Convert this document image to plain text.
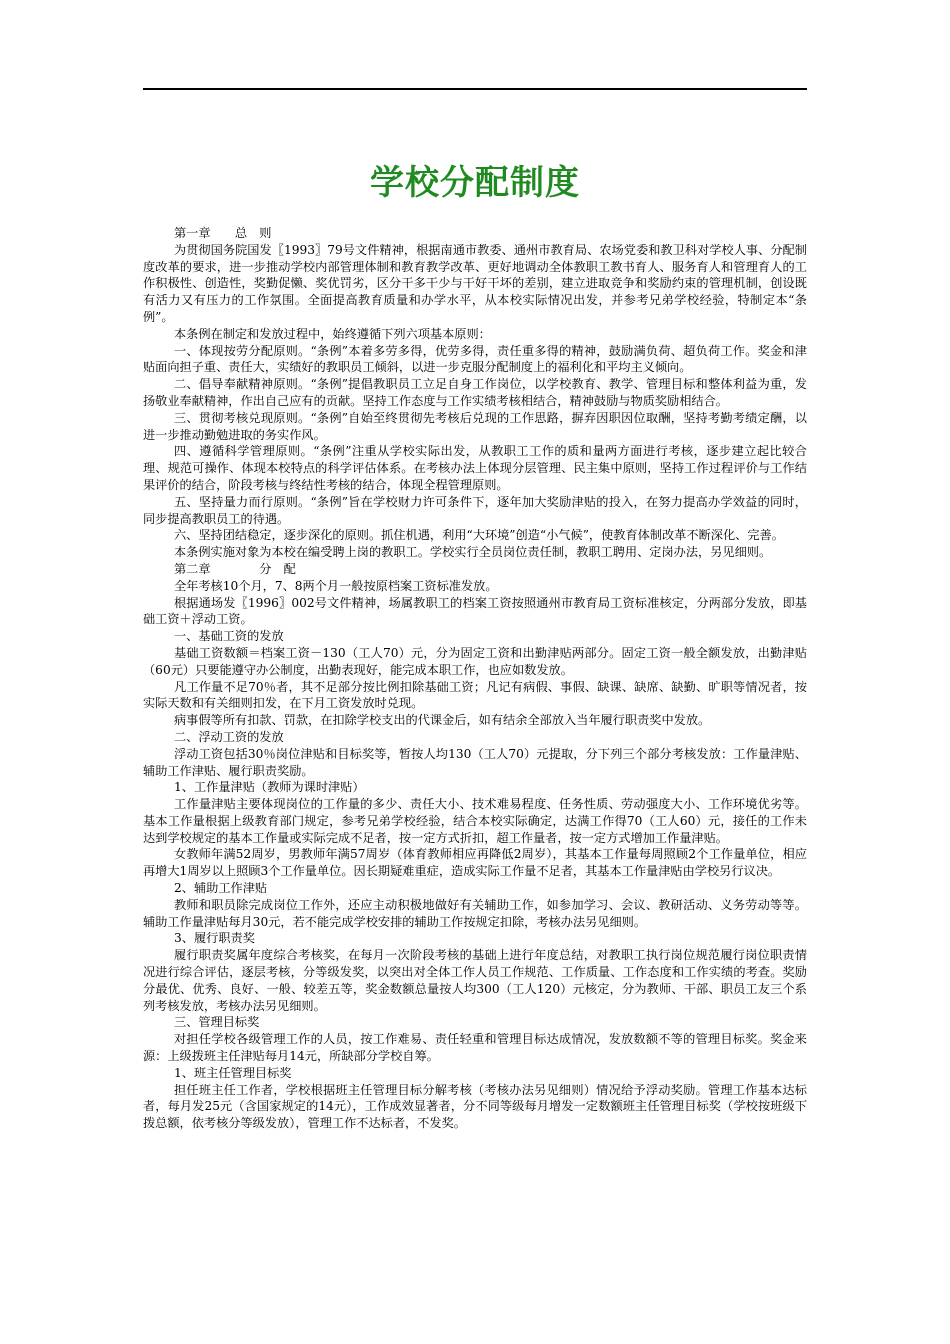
学校分配制度

第一章　　总　则

为贯彻国务院国发〖1993〗79号文件精神，根据南通市教委、通州市教育局、农场党委和教卫科对学校人事、分配制度改革的要求，进一步推动学校内部管理体制和教育教学改革、更好地调动全体教职工教书育人、服务育人和管理育人的工作积极性、创造性，奖勤促懒、奖优罚劣，区分干多干少与干好干坏的差别，建立进取竞争和奖励约束的管理机制，创设既有活力又有压力的工作氛围。全面提高教育质量和办学水平，从本校实际情况出发，并参考兄弟学校经验，特制定本“条例”。

本条例在制定和发放过程中，始终遵循下列六项基本原则：

一、体现按劳分配原则。“条例”本着多劳多得，优劳多得，责任重多得的精神，鼓励满负荷、超负荷工作。奖金和津贴面向担子重、责任大，实绩好的教职员工倾斜，以进一步克服分配制度上的福利化和平均主义倾向。

二、倡导奉献精神原则。“条例”提倡教职员工立足自身工作岗位，以学校教育、教学、管理目标和整体利益为重，发扬敬业奉献精神，作出自己应有的贡献。坚持工作态度与工作实绩考核相结合，精神鼓励与物质奖励相结合。

三、贯彻考核兑现原则。“条例”自始至终贯彻先考核后兑现的工作思路，摒弃因职因位取酬，坚持考勤考绩定酬，以进一步推动勤勉进取的务实作风。

四、遵循科学管理原则。“条例”注重从学校实际出发，从教职工工作的质和量两方面进行考核，逐步建立起比较合理、规范可操作、体现本校特点的科学评估体系。在考核办法上体现分层管理、民主集中原则，坚持工作过程评价与工作结果评价的结合，阶段考核与终结性考核的结合，体现全程管理原则。

五、坚持量力而行原则。“条例”旨在学校财力许可条件下，逐年加大奖励津贴的投入，在努力提高办学效益的同时，同步提高教职员工的待遇。

六、坚持团结稳定，逐步深化的原则。抓住机遇，利用“大环境”创造“小气候”，使教育体制改革不断深化、完善。

本条例实施对象为本校在编受聘上岗的教职工。学校实行全员岗位责任制，教职工聘用、定岗办法，另见细则。

第二章　　　　分　配

全年考核10个月，7、8两个月一般按原档案工资标准发放。

根据通场发〖1996〗002号文件精神，场属教职工的档案工资按照通州市教育局工资标准核定，分两部分发放，即基础工资＋浮动工资。

一、基础工资的发放

基础工资数额＝档案工资－130（工人70）元，分为固定工资和出勤津贴两部分。固定工资一般全额发放，出勤津贴（60元）只要能遵守办公制度，出勤表现好，能完成本职工作，也应如数发放。

凡工作量不足70％者，其不足部分按比例扣除基础工资；凡记有病假、事假、缺课、缺席、缺勤、旷职等情况者，按实际天数和有关细则扣发，在下月工资发放时兑现。

病事假等所有扣款、罚款，在扣除学校支出的代课金后，如有结余全部放入当年履行职责奖中发放。

二、浮动工资的发放

浮动工资包括30％岗位津贴和目标奖等，暂按人均130（工人70）元提取，分下列三个部分考核发放：工作量津贴、辅助工作津贴、履行职责奖励。

1、工作量津贴（教师为课时津贴）

工作量津贴主要体现岗位的工作量的多少、责任大小、技术难易程度、任务性质、劳动强度大小、工作环境优劣等。基本工作量根据上级教育部门规定，参考兄弟学校经验，结合本校实际确定，达满工作得70（工人60）元，接任的工作未达到学校规定的基本工作量或实际完成不足者，按一定方式折扣，超工作量者，按一定方式增加工作量津贴。

女教师年满52周岁，男教师年满57周岁（体育教师相应再降低2周岁），其基本工作量每周照顾2个工作量单位，相应再增大1周岁以上照顾3个工作量单位。因长期疑难重症，造成实际工作量不足者，其基本工作量津贴由学校另行议决。

2、辅助工作津贴

教师和职员除完成岗位工作外，还应主动积极地做好有关辅助工作，如参加学习、会议、教研活动、义务劳动等等。辅助工作量津贴每月30元，若不能完成学校安排的辅助工作按规定扣除，考核办法另见细则。

3、履行职责奖

履行职责奖属年度综合考核奖，在每月一次阶段考核的基础上进行年度总结，对教职工执行岗位规范履行岗位职责情况进行综合评估，逐层考核，分等级发奖，以突出对全体工作人员工作规范、工作质量、工作态度和工作实绩的考查。奖励分最优、优秀、良好、一般、较差五等，奖金数额总量按人均300（工人120）元核定，分为教师、干部、职员工友三个系列考核发放，考核办法另见细则。

三、管理目标奖

对担任学校各级管理工作的人员，按工作难易、责任轻重和管理目标达成情况，发放数额不等的管理目标奖。奖金来源：上级拨班主任津贴每月14元，所缺部分学校自筹。

1、班主任管理目标奖

担任班主任工作者，学校根据班主任管理目标分解考核（考核办法另见细则）情况给予浮动奖励。管理工作基本达标者，每月发25元（含国家规定的14元），工作成效显著者，分不同等级每月增发一定数额班主任管理目标奖（学校按班级下拨总额，依考核分等级发放），管理工作不达标者，不发奖。
